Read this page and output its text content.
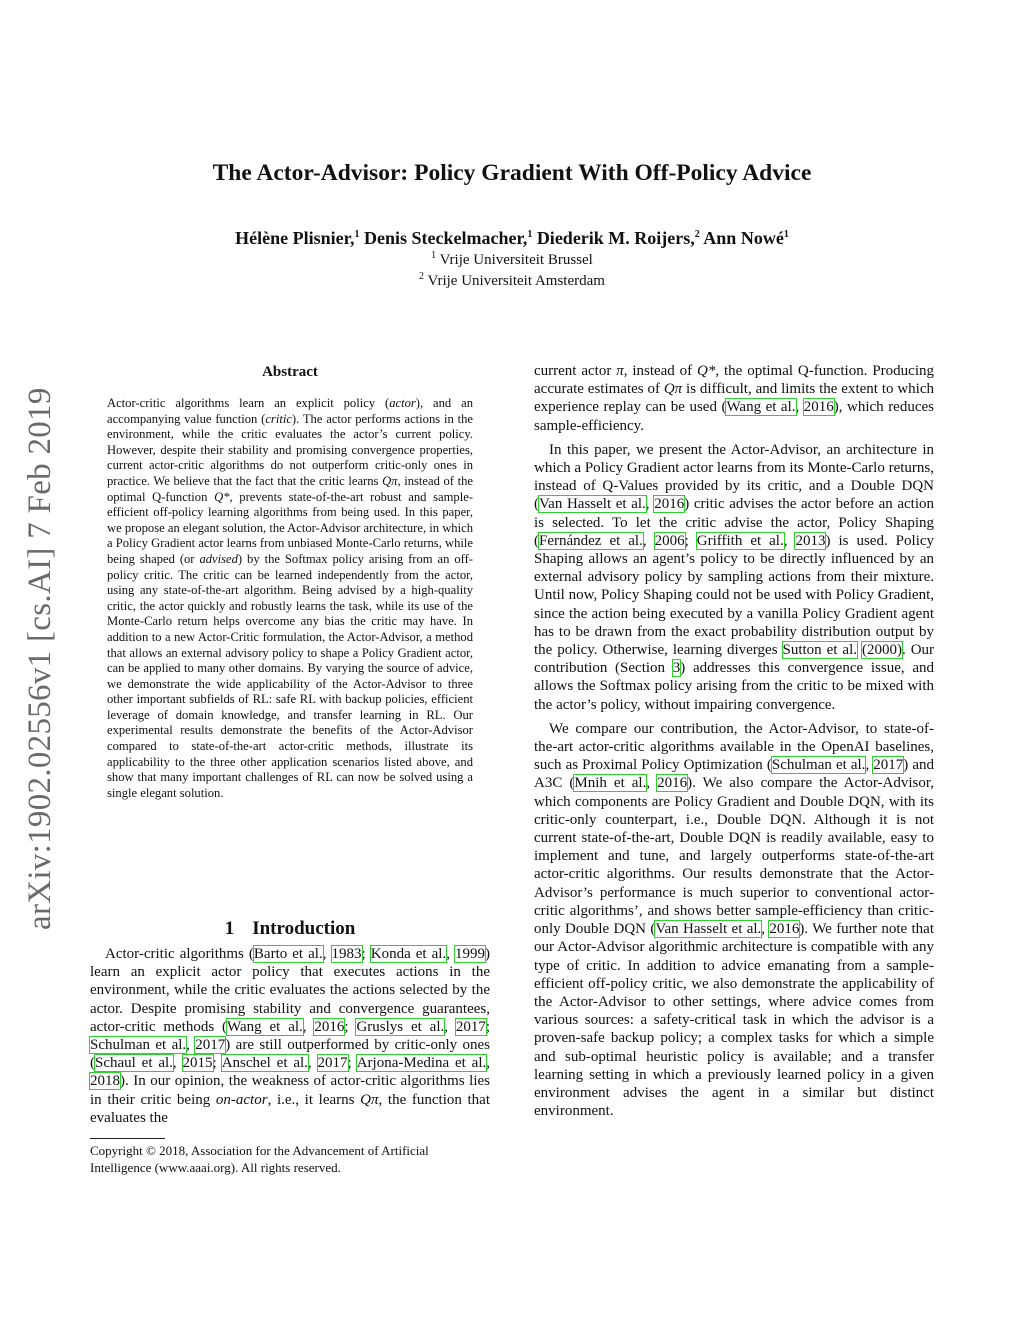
arXiv:1902.02556v1 [cs.AI] 7 Feb 2019
The Actor-Advisor: Policy Gradient With Off-Policy Advice
Hélène Plisnier,$^1$ Denis Steckelmacher,$^1$ Diederik M. Roijers,$^2$ Ann Nowé$^1$
$^1$ Vrije Universiteit Brussel
$^2$ Vrije Universiteit Amsterdam
Abstract
Actor-critic algorithms learn an explicit policy (actor), and an accompanying value function (critic). The actor performs actions in the environment, while the critic evaluates the actor’s current policy. However, despite their stability and promising convergence properties, current actor-critic algorithms do not outperform critic-only ones in practice. We believe that the fact that the critic learns Qπ, instead of the optimal Q-function Q*, prevents state-of-the-art robust and sample-efficient off-policy learning algorithms from being used. In this paper, we propose an elegant solution, the Actor-Advisor architecture, in which a Policy Gradient actor learns from unbiased Monte-Carlo returns, while being shaped (or advised) by the Softmax policy arising from an off-policy critic. The critic can be learned independently from the actor, using any state-of-the-art algorithm. Being advised by a high-quality critic, the actor quickly and robustly learns the task, while its use of the Monte-Carlo return helps overcome any bias the critic may have. In addition to a new Actor-Critic formulation, the Actor-Advisor, a method that allows an external advisory policy to shape a Policy Gradient actor, can be applied to many other domains. By varying the source of advice, we demonstrate the wide applicability of the Actor-Advisor to three other important subfields of RL: safe RL with backup policies, efficient leverage of domain knowledge, and transfer learning in RL. Our experimental results demonstrate the benefits of the Actor-Advisor compared to state-of-the-art actor-critic methods, illustrate its applicability to the three other application scenarios listed above, and show that many important challenges of RL can now be solved using a single elegant solution.
1 Introduction

Actor-critic algorithms (Barto et al., 1983; Konda et al., 1999) learn an explicit actor policy that executes actions in the environment, while the critic evaluates the actions selected by the actor. Despite promising stability and convergence guarantees, actor-critic methods (Wang et al., 2016; Gruslys et al., 2017; Schulman et al., 2017) are still outperformed by critic-only ones (Schaul et al., 2015; Anschel et al., 2017; Arjona-Medina et al., 2018). In our opinion, the weakness of actor-critic algorithms lies in their critic being on-actor, i.e., it learns Qπ, the function that evaluates the

Copyright © 2018, Association for the Advancement of Artificial Intelligence (www.aaai.org). All rights reserved.

current actor π, instead of Q*, the optimal Q-function. Producing accurate estimates of Qπ is difficult, and limits the extent to which experience replay can be used (Wang et al., 2016), which reduces sample-efficiency.

In this paper, we present the Actor-Advisor, an architecture in which a Policy Gradient actor learns from its Monte-Carlo returns, instead of Q-Values provided by its critic, and a Double DQN (Van Hasselt et al., 2016) critic advises the actor before an action is selected. To let the critic advise the actor, Policy Shaping (Fernández et al., 2006; Griffith et al., 2013) is used. Policy Shaping allows an agent’s policy to be directly influenced by an external advisory policy by sampling actions from their mixture. Until now, Policy Shaping could not be used with Policy Gradient, since the action being executed by a vanilla Policy Gradient agent has to be drawn from the exact probability distribution output by the policy. Otherwise, learning diverges Sutton et al. (2000). Our contribution (Section 3) addresses this convergence issue, and allows the Softmax policy arising from the critic to be mixed with the actor’s policy, without impairing convergence.

We compare our contribution, the Actor-Advisor, to state-of-the-art actor-critic algorithms available in the OpenAI baselines, such as Proximal Policy Optimization (Schulman et al., 2017) and A3C (Mnih et al., 2016). We also compare the Actor-Advisor, which components are Policy Gradient and Double DQN, with its critic-only counterpart, i.e., Double DQN. Although it is not current state-of-the-art, Double DQN is readily available, easy to implement and tune, and largely outperforms state-of-the-art actor-critic algorithms. Our results demonstrate that the Actor-Advisor’s performance is much superior to conventional actor-critic algorithms’, and shows better sample-efficiency than critic-only Double DQN (Van Hasselt et al., 2016). We further note that our Actor-Advisor algorithmic architecture is compatible with any type of critic. In addition to advice emanating from a sample-efficient off-policy critic, we also demonstrate the applicability of the Actor-Advisor to other settings, where advice comes from various sources: a safety-critical task in which the advisor is a proven-safe backup policy; a complex tasks for which a simple and sub-optimal heuristic policy is available; and a transfer learning setting in which a previously learned policy in a given environment advises the agent in a similar but distinct environment.
